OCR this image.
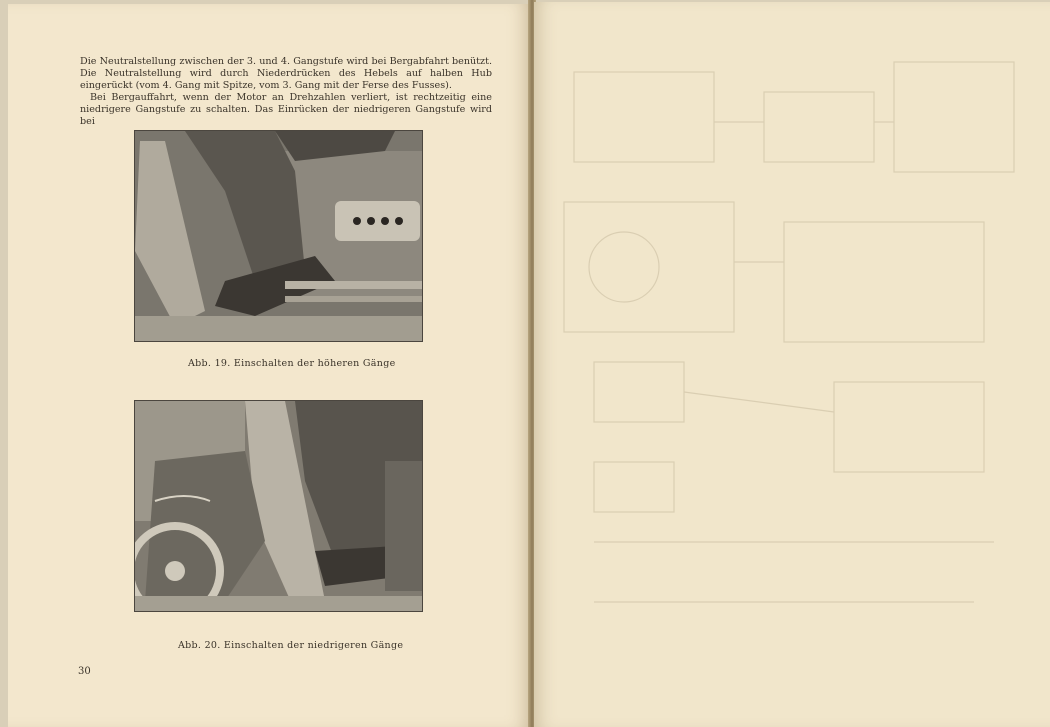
Die Neutralstellung zwischen der 3. und 4. Gangstufe wird bei Bergabfahrt benützt. Die Neutralstellung wird durch Niederdrücken des Hebels auf halben Hub eingerückt (vom 4. Gang mit Spitze, vom 3. Gang mit der Ferse des Fusses).

Bei Bergauffahrt, wenn der Motor an Drehzahlen verliert, ist rechtzeitig eine niedrigere Gangstufe zu schalten. Das Einrücken der niedrigeren Gangstufe wird bei

Abb. 19. Einschalten der höheren Gänge
Abb. 20. Einschalten der niedrigeren Gänge
30
